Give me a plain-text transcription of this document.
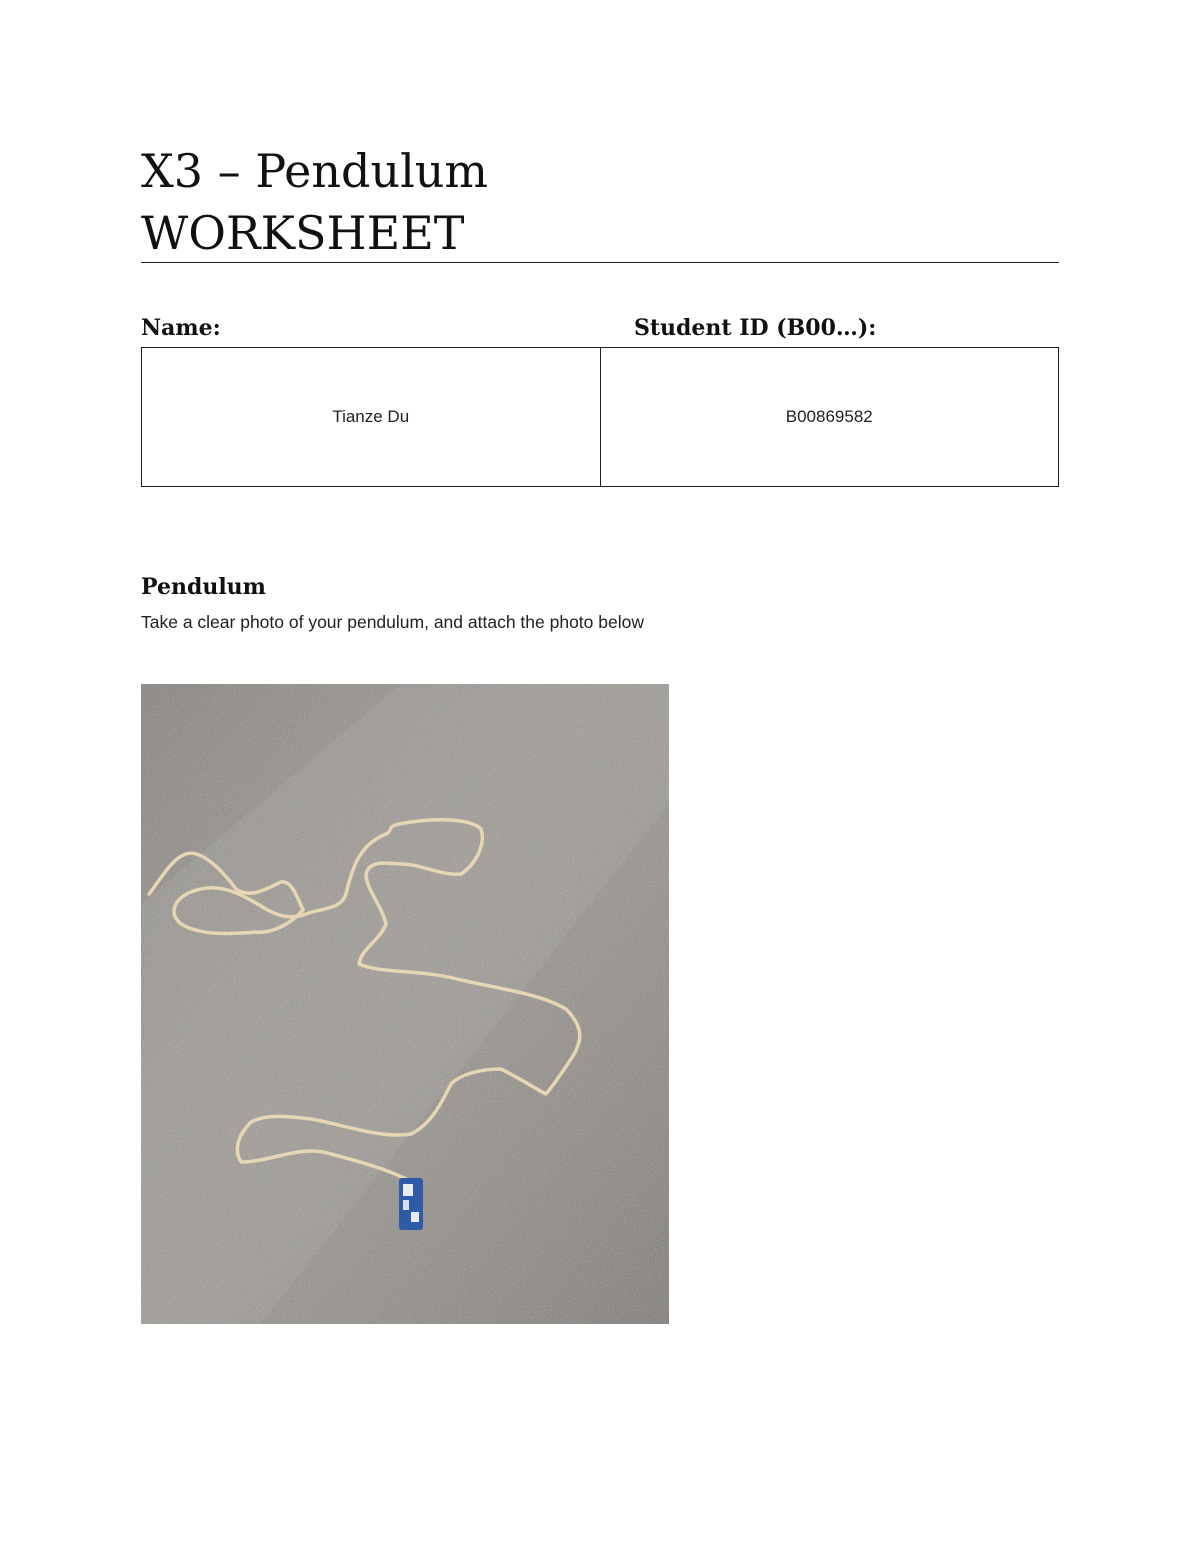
X3 – Pendulum
WORKSHEET
Name:	Student ID (B00…):
Tianze Du	B00869582
Pendulum

Take a clear photo of your pendulum, and attach the photo below
